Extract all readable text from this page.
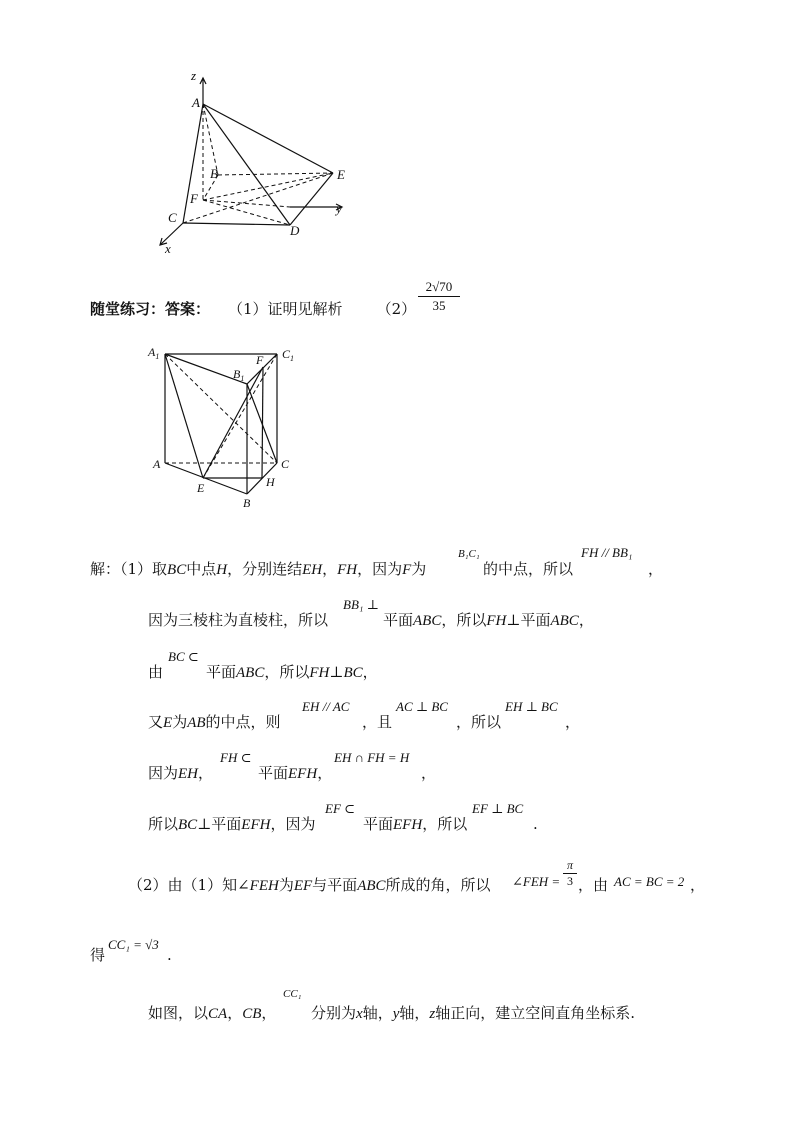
z
A
B	E
F
y
C
D
x
随堂练习：答案： （1）证明见解析 $(2) \frac{2√70}{35}$
$A_1$	$C_1$
F
$B_1$
A	C
E	H
B
解：（1）取BC中点H，分别连结EH，FH，因为F为
B₁C₁
的中点，所以
FH // BB₁
，
因为三棱柱为直棱柱，所以
BB₁ ⊥
平面ABC，所以FH⊥平面ABC，
由
BC ⊂
平面ABC，所以FH⊥BC，
又E为AB的中点，则
EH // AC
，且
AC ⊥ BC
，所以
EH ⊥ BC
，
因为EH，
FH ⊂
平面EFH，
EH ∩ FH = H
，
所以BC⊥平面EFH，因为
EF ⊂
平面EFH，所以
EF ⊥ BC
.
（2）由（1）知∠FEH为EF与平面ABC所成的角，所以 ∠FEH = $\frac{\pi}{3}$ ，由 AC = BC = 2 ，
得
CC₁ = √3
.
如图，以CA，CB，
CC₁
分别为x轴，y轴，z轴正向，建立空间直角坐标系.
